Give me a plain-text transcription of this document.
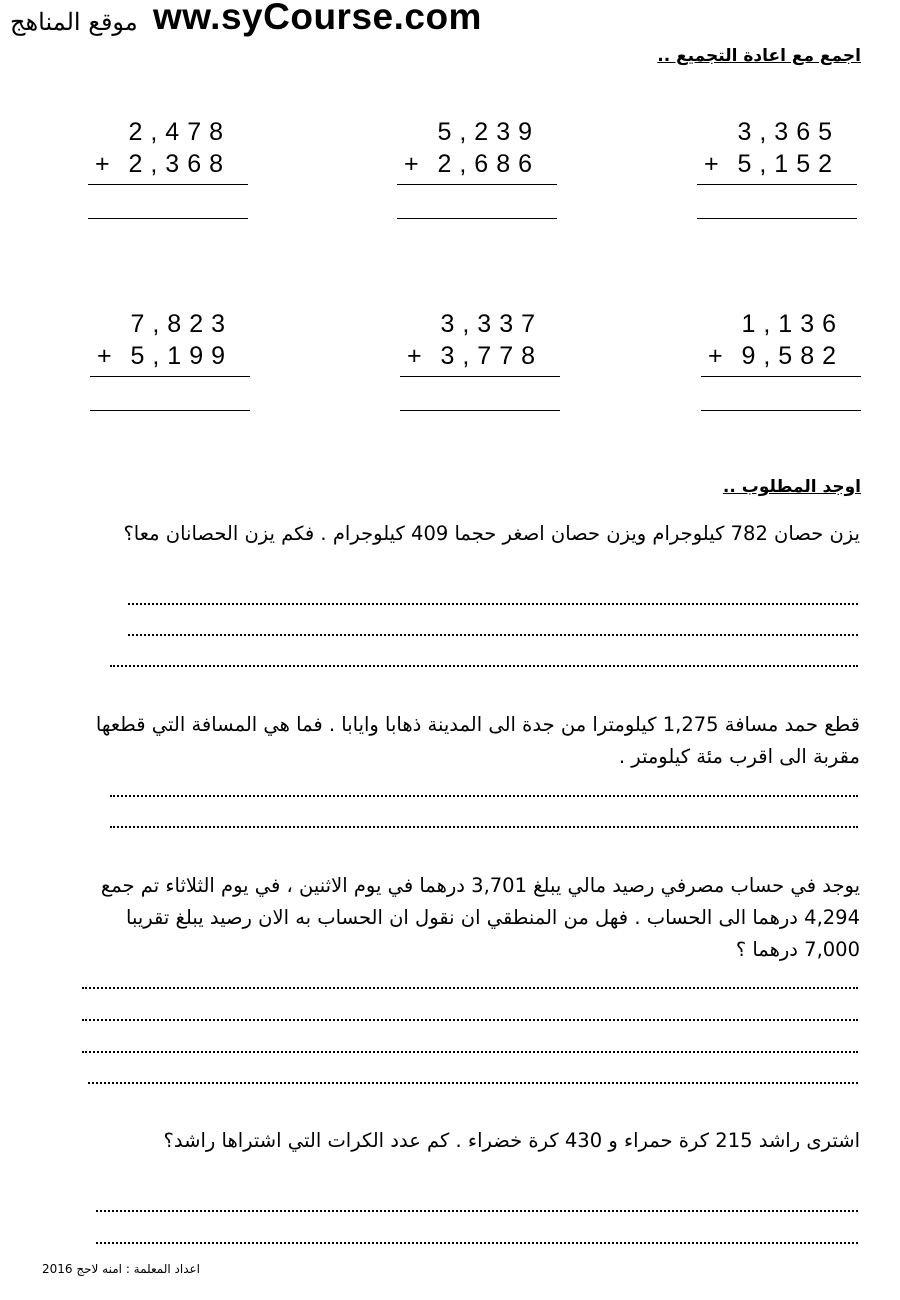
موقع المناهج ww.syCourse.com
اجمع مع اعادة التجميع ..
2,478
+ 2,368
5,239
+ 2,686
3,365
+ 5,152
7,823
+ 5,199
3,337
+ 3,778
1,136
+ 9,582
اوجد المطلوب ..
يزن حصان 782 كيلوجرام ويزن حصان اصغر حجما 409 كيلوجرام . فكم يزن الحصانان معا؟
قطع حمد مسافة 1,275 كيلومترا من جدة الى المدينة ذهابا وايابا . فما هي المسافة التي قطعها مقربة الى اقرب مئة كيلومتر .
يوجد في حساب مصرفي رصيد مالي يبلغ 3,701 درهما في يوم الاثنين ، في يوم الثلاثاء تم جمع 4,294 درهما الى الحساب . فهل من المنطقي ان نقول ان الحساب به الان رصيد يبلغ تقريبا 7,000 درهما ؟
اشترى راشد 215 كرة حمراء و 430 كرة خضراء . كم عدد الكرات التي اشتراها راشد؟
اعداد المعلمة : امنه لاحج 2016
